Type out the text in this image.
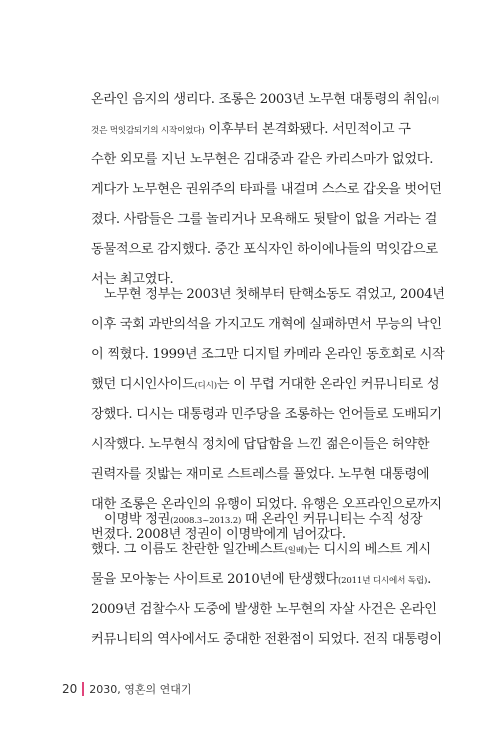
온라인 음지의 생리다. 조롱은 2003년 노무현 대통령의 취임(이
것은 먹잇감되기의 시작이었다) 이후부터 본격화됐다. 서민적이고 구
수한 외모를 지닌 노무현은 김대중과 같은 카리스마가 없었다.
게다가 노무현은 권위주의 타파를 내걸며 스스로 갑옷을 벗어던
졌다. 사람들은 그를 놀리거나 모욕해도 뒷탈이 없을 거라는 걸
동물적으로 감지했다. 중간 포식자인 하이에나들의 먹잇감으로
서는 최고였다.
노무현 정부는 2003년 첫해부터 탄핵소동도 겪었고, 2004년
이후 국회 과반의석을 가지고도 개혁에 실패하면서 무능의 낙인
이 찍혔다. 1999년 조그만 디지털 카메라 온라인 동호회로 시작
했던 디시인사이드(디시)는 이 무렵 거대한 온라인 커뮤니티로 성
장했다. 디시는 대통령과 민주당을 조롱하는 언어들로 도배되기
시작했다. 노무현식 정치에 답답함을 느낀 젊은이들은 허약한
권력자를 짓밟는 재미로 스트레스를 풀었다. 노무현 대통령에
대한 조롱은 온라인의 유행이 되었다. 유행은 오프라인으로까지
번졌다. 2008년 정권이 이명박에게 넘어갔다.
이명박 정권(2008.3~2013.2) 때 온라인 커뮤니티는 수직 성장
했다. 그 이름도 찬란한 일간베스트(일베)는 디시의 베스트 게시
물을 모아놓는 사이트로 2010년에 탄생했다(2011년 디시에서 독립).
2009년 검찰수사 도중에 발생한 노무현의 자살 사건은 온라인
커뮤니티의 역사에서도 중대한 전환점이 되었다. 전직 대통령이
20 2030, 영혼의 연대기
